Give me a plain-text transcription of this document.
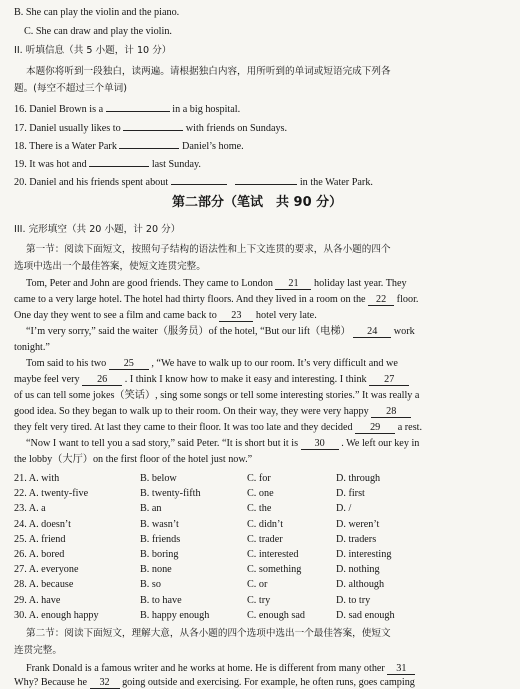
B. She can play the violin and the piano.
C. She can draw and play the violin.
II. 听填信息（共 5 小题，计 10 分）
本题你将听到一段独白，读两遍。请根据独白内容，用所听到的单词或短语完成下列各
题。(每空不超过三个单词)
16. Daniel Brown is a	in a big hospital.
17. Daniel usually likes to	with friends on Sundays.
18. There is a Water Park	Daniel’s home.
19. It was hot and	last Sunday.
20. Daniel and his friends spent about	in the Water Park.
第二部分（笔试　共 90 分）
III. 完形填空（共 20 小题，计 20 分）
第一节：阅读下面短文，按照句子结构的语法性和上下文连贯的要求，从各小题的四个
选项中选出一个最佳答案，使短文连贯完整。
Tom, Peter and John are good friends. They came to London 21 holiday last year. They
came to a very large hotel. The hotel had thirty floors. And they lived in a room on the 22 floor.
One day they went to see a film and came back to 23 hotel very late.
“I’m very sorry,” said the waiter（服务员）of the hotel, “But our lift（电梯） 24 work
tonight.”
Tom said to his two 25 , “We have to walk up to our room. It’s very difficult and we
maybe feel very 26 . I think I know how to make it easy and interesting. I think 27
of us can tell some jokes（笑话）, sing some songs or tell some interesting stories.” It was really a
good idea. So they began to walk up to their room. On their way, they were very happy 28
they felt very tired. At last they came to their floor. It was too late and they decided 29 a rest.
“Now I want to tell you a sad story,” said Peter. “It is short but it is 30 . We left our key in
the lobby（大厅）on the first floor of the hotel just now.”
21. A. with	B. below	C. for	D. through
22. A. twenty-five	B. twenty-fifth	C. one	D. first
23. A. a	B. an	C. the	D. /
24. A. doesn’t	B. wasn’t	C. didn’t	D. weren’t
25. A. friend	B. friends	C. trader	D. traders
26. A. bored	B. boring	C. interested	D. interesting
27. A. everyone	B. none	C. something	D. nothing
28. A. because	B. so	C. or	D. although
29. A. have	B. to have	C. try	D. to try
30. A. enough happy	B. happy enough	C. enough sad	D. sad enough
第二节：阅读下面短文，理解大意，从各小题的四个选项中选出一个最佳答案，使短文
连贯完整。
Frank Donald is a famous writer and he works at home. He is different from many other 31
Why? Because he 32 going outside and exercising. For example, he often runs, goes camping
